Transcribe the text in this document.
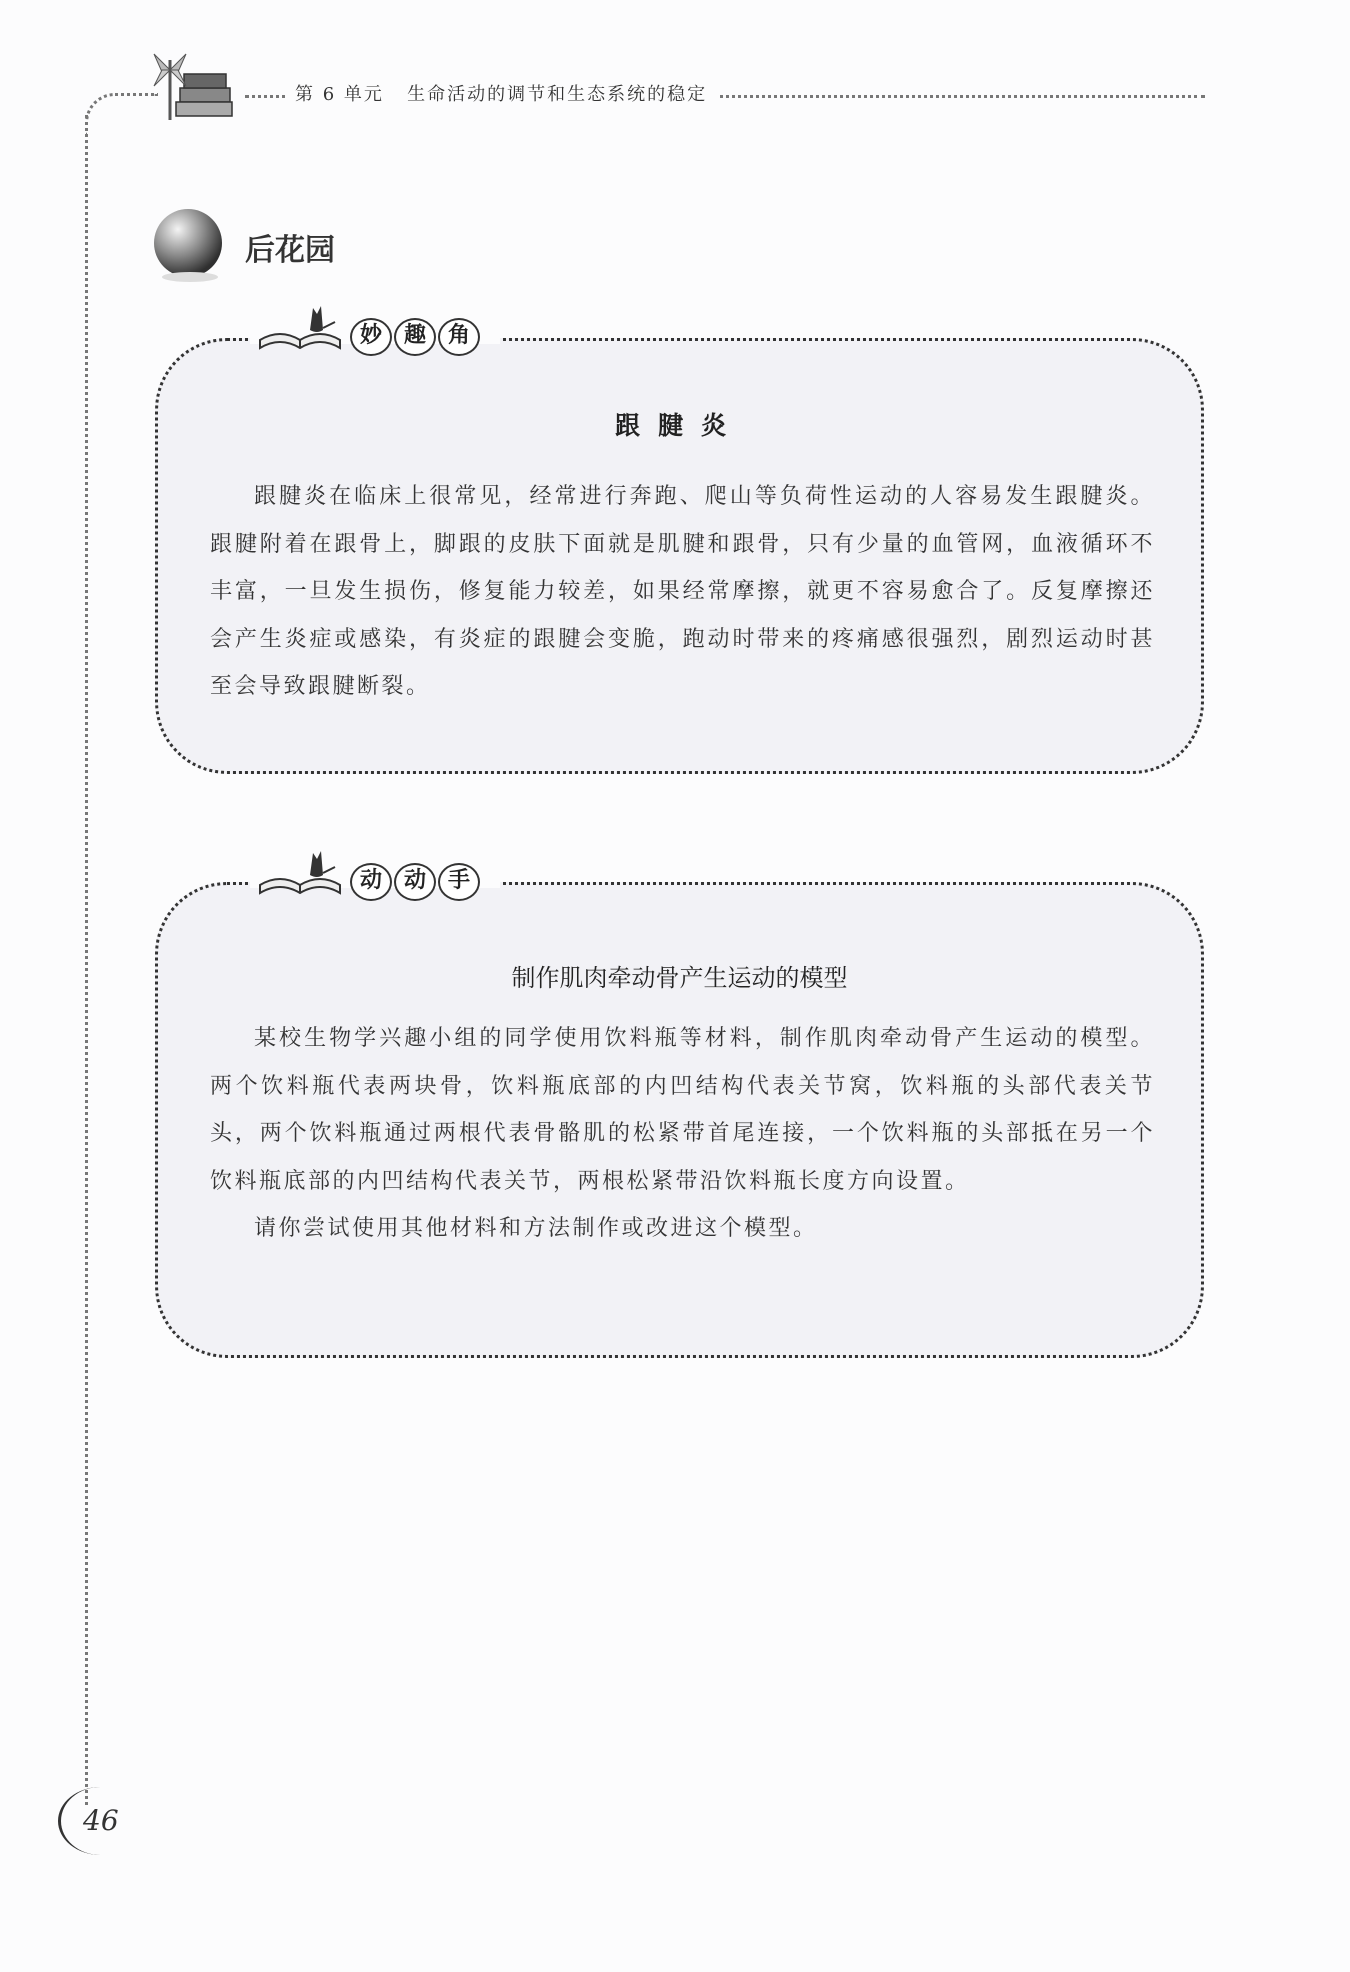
第 6 单元 生命活动的调节和生态系统的稳定
后花园
跟腱炎

跟腱炎在临床上很常见，经常进行奔跑、爬山等负荷性运动的人容易发生跟腱炎。跟腱附着在跟骨上，脚跟的皮肤下面就是肌腱和跟骨，只有少量的血管网，血液循环不丰富，一旦发生损伤，修复能力较差，如果经常摩擦，就更不容易愈合了。反复摩擦还会产生炎症或感染，有炎症的跟腱会变脆，跑动时带来的疼痛感很强烈，剧烈运动时甚至会导致跟腱断裂。

妙 趣 角
制作肌肉牵动骨产生运动的模型

某校生物学兴趣小组的同学使用饮料瓶等材料，制作肌肉牵动骨产生运动的模型。两个饮料瓶代表两块骨，饮料瓶底部的内凹结构代表关节窝，饮料瓶的头部代表关节头，两个饮料瓶通过两根代表骨骼肌的松紧带首尾连接，一个饮料瓶的头部抵在另一个饮料瓶底部的内凹结构代表关节，两根松紧带沿饮料瓶长度方向设置。

请你尝试使用其他材料和方法制作或改进这个模型。

动 动 手
46
